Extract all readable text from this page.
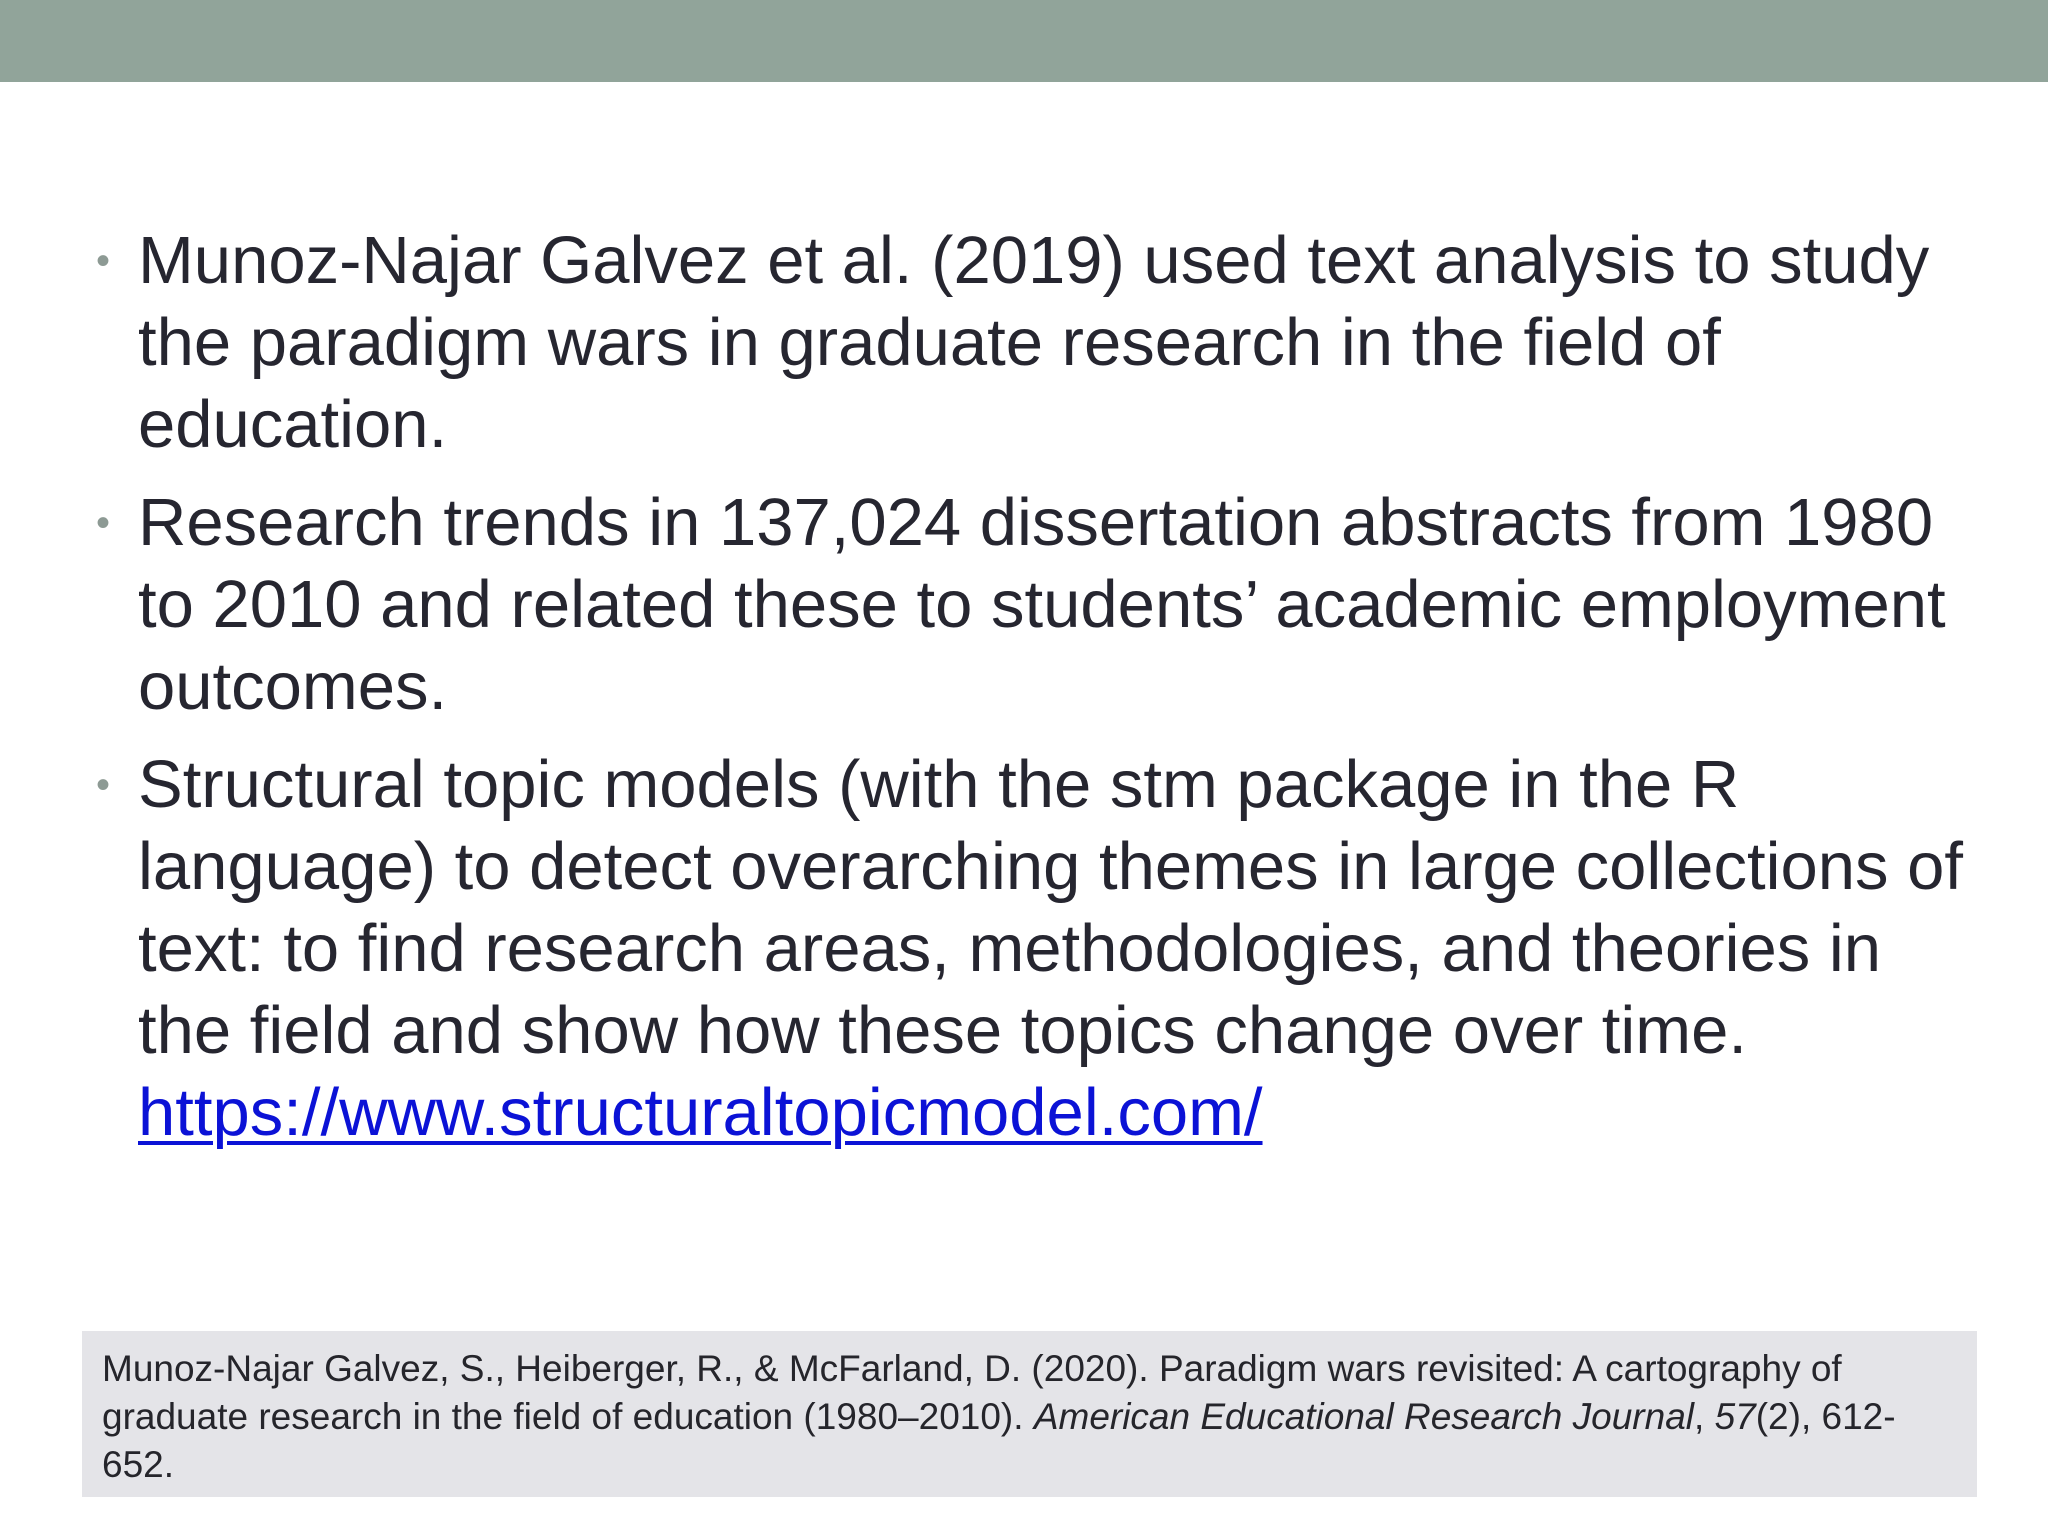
• Munoz-Najar Galvez et al. (2019) used text analysis to study the paradigm wars in graduate research in the field of education.
• Research trends in 137,024 dissertation abstracts from 1980 to 2010 and related these to students’ academic employment outcomes.
• Structural topic models (with the stm package in the R language) to detect overarching themes in large collections of text: to find research areas, methodologies, and theories in the field and show how these topics change over time.
https://www.structuraltopicmodel.com/
Munoz-Najar Galvez, S., Heiberger, R., & McFarland, D. (2020). Paradigm wars revisited: A cartography of graduate research in the field of education (1980–2010). American Educational Research Journal, 57(2), 612-652.
